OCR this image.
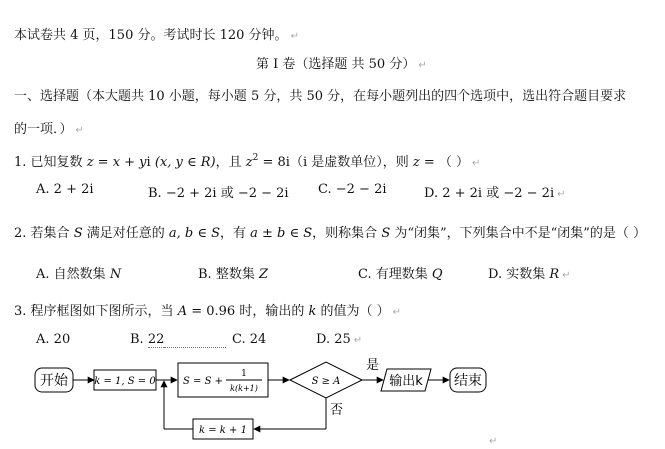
本试卷共 4 页，150 分。考试时长 120 分钟。 ↵
第 I 卷（选择题 共 50 分） ↵
一、选择题（本大题共 10 小题，每小题 5 分，共 50 分，在每小题列出的四个选项中，选出符合题目要求
的一项．） ↵
1. 已知复数 z = x + yi (x, y ∈ R)，且 $z^2 = 8i(i$ 是虚数单位），则 z = （ ） ↵
A. 2 + 2i	B. −2 + 2i 或 −2 − 2i C. −2 − 2i	D. 2 + 2i 或 −2 − 2i ↵
2. 若集合 S 满足对任意的 a, b ∈ S，有 a ± b ∈ S，则称集合 S 为“闭集”，下列集合中不是“闭集”的是（ ）
A. 自然数集 N	B. 整数集 Z	C. 有理数集 Q	D. 实数集 R ↵
3. 程序框图如下图所示，当 A = 0.96 时，输出的 k 的值为（ ） ↵
A. 20	B. 22	C. 24	D. 25 ↵
开始	k = 1, S = 0	S = S +
1
k(k+1)
S ≥ A
是
输出k 结束
否
k = k + 1
↵
